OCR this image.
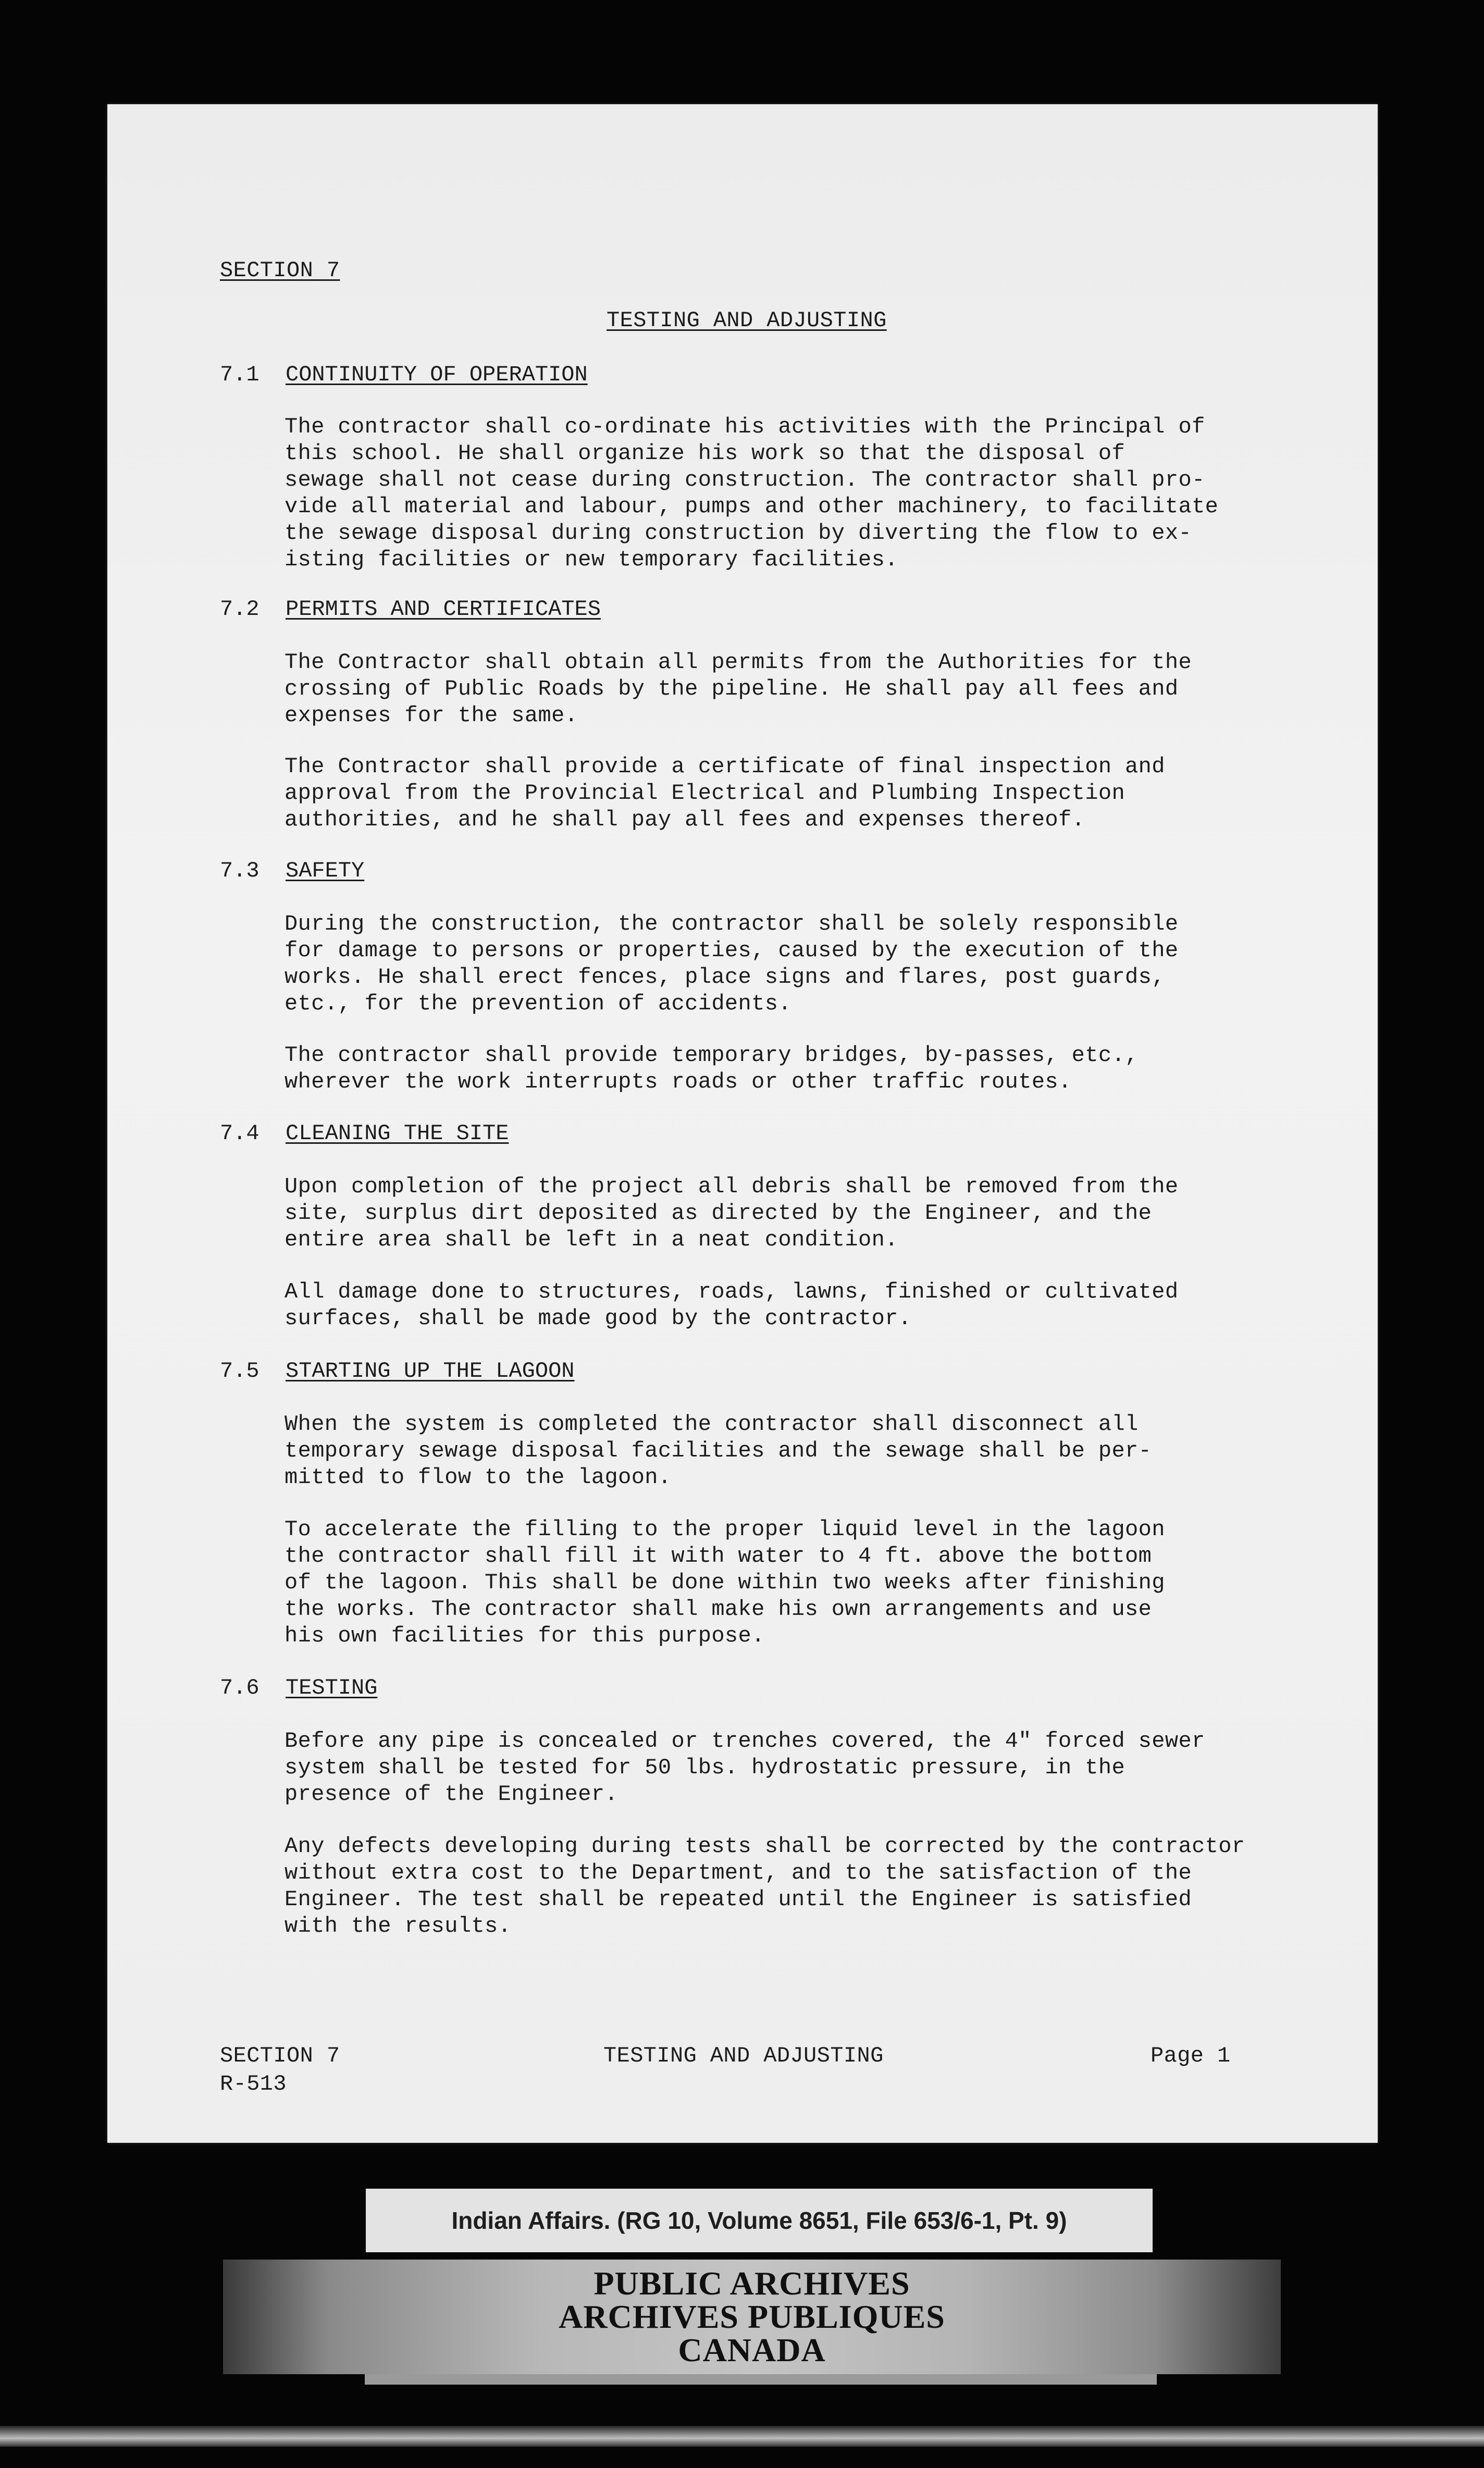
SECTION 7
TESTING AND ADJUSTING
7.1 CONTINUITY OF OPERATION
The contractor shall co-ordinate his activities with the Principal of
this school. He shall organize his work so that the disposal of
sewage shall not cease during construction. The contractor shall pro-
vide all material and labour, pumps and other machinery, to facilitate
the sewage disposal during construction by diverting the flow to ex-
isting facilities or new temporary facilities.
7.2 PERMITS AND CERTIFICATES
The Contractor shall obtain all permits from the Authorities for the
crossing of Public Roads by the pipeline. He shall pay all fees and
expenses for the same.
The Contractor shall provide a certificate of final inspection and
approval from the Provincial Electrical and Plumbing Inspection
authorities, and he shall pay all fees and expenses thereof.
7.3 SAFETY
During the construction, the contractor shall be solely responsible
for damage to persons or properties, caused by the execution of the
works. He shall erect fences, place signs and flares, post guards,
etc., for the prevention of accidents.
The contractor shall provide temporary bridges, by-passes, etc.,
wherever the work interrupts roads or other traffic routes.
7.4 CLEANING THE SITE
Upon completion of the project all debris shall be removed from the
site, surplus dirt deposited as directed by the Engineer, and the
entire area shall be left in a neat condition.
All damage done to structures, roads, lawns, finished or cultivated
surfaces, shall be made good by the contractor.
7.5 STARTING UP THE LAGOON
When the system is completed the contractor shall disconnect all
temporary sewage disposal facilities and the sewage shall be per-
mitted to flow to the lagoon.
To accelerate the filling to the proper liquid level in the lagoon
the contractor shall fill it with water to 4 ft. above the bottom
of the lagoon. This shall be done within two weeks after finishing
the works. The contractor shall make his own arrangements and use
his own facilities for this purpose.
7.6 TESTING
Before any pipe is concealed or trenches covered, the 4" forced sewer
system shall be tested for 50 lbs. hydrostatic pressure, in the
presence of the Engineer.
Any defects developing during tests shall be corrected by the contractor
without extra cost to the Department, and to the satisfaction of the
Engineer. The test shall be repeated until the Engineer is satisfied
with the results.
SECTION 7
R-513
TESTING AND ADJUSTING	Page 1
Indian Affairs. (RG 10, Volume 8651, File 653/6-1, Pt. 9)
PUBLIC ARCHIVES
ARCHIVES PUBLIQUES
CANADA
